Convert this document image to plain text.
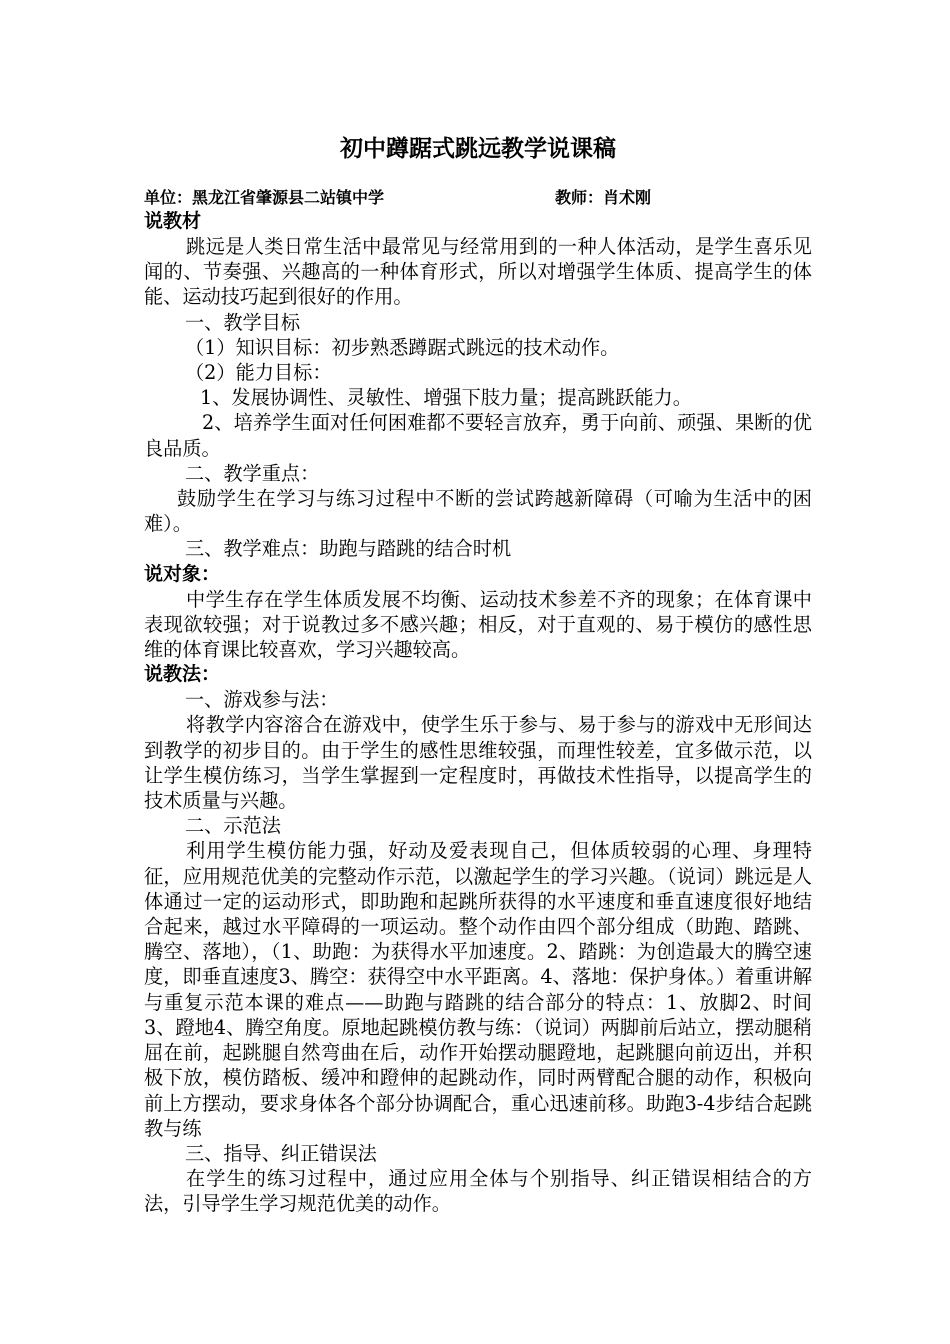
初中蹲踞式跳远教学说课稿
单位：黑龙江省肇源县二站镇中学	教师：肖术刚
说教材

跳远是人类日常生活中最常见与经常用到的一种人体活动，是学生喜乐见闻的、节奏强、兴趣高的一种体育形式，所以对增强学生体质、提高学生的体能、运动技巧起到很好的作用。

一、教学目标

（1）知识目标：初步熟悉蹲踞式跳远的技术动作。

（2）能力目标：

1、发展协调性、灵敏性、增强下肢力量；提高跳跃能力。

2、培养学生面对任何困难都不要轻言放弃，勇于向前、顽强、果断的优良品质。

二、教学重点：

鼓励学生在学习与练习过程中不断的尝试跨越新障碍（可喻为生活中的困难）。

三、教学难点：助跑与踏跳的结合时机

说对象：

中学生存在学生体质发展不均衡、运动技术参差不齐的现象；在体育课中表现欲较强；对于说教过多不感兴趣；相反，对于直观的、易于模仿的感性思维的体育课比较喜欢，学习兴趣较高。

说教法：

一、游戏参与法：

将教学内容溶合在游戏中，使学生乐于参与、易于参与的游戏中无形间达到教学的初步目的。由于学生的感性思维较强，而理性较差，宜多做示范，以让学生模仿练习，当学生掌握到一定程度时，再做技术性指导，以提高学生的技术质量与兴趣。

二、示范法

利用学生模仿能力强，好动及爱表现自己，但体质较弱的心理、身理特征，应用规范优美的完整动作示范，以激起学生的学习兴趣。（说词）跳远是人体通过一定的运动形式，即助跑和起跳所获得的水平速度和垂直速度很好地结合起来，越过水平障碍的一项运动。整个动作由四个部分组成（助跑、踏跳、腾空、落地），（1、助跑：为获得水平加速度。2、踏跳：为创造最大的腾空速度，即垂直速度3、腾空：获得空中水平距离。4、落地：保护身体。）着重讲解与重复示范本课的难点——助跑与踏跳的结合部分的特点：1、放脚2、时间3、蹬地4、腾空角度。原地起跳模仿教与练：（说词）两脚前后站立，摆动腿稍屈在前，起跳腿自然弯曲在后，动作开始摆动腿蹬地，起跳腿向前迈出，并积极下放，模仿踏板、缓冲和蹬伸的起跳动作，同时两臂配合腿的动作，积极向前上方摆动，要求身体各个部分协调配合，重心迅速前移。助跑3-4步结合起跳教与练

三、指导、纠正错误法

在学生的练习过程中，通过应用全体与个别指导、纠正错误相结合的方法，引导学生学习规范优美的动作。
